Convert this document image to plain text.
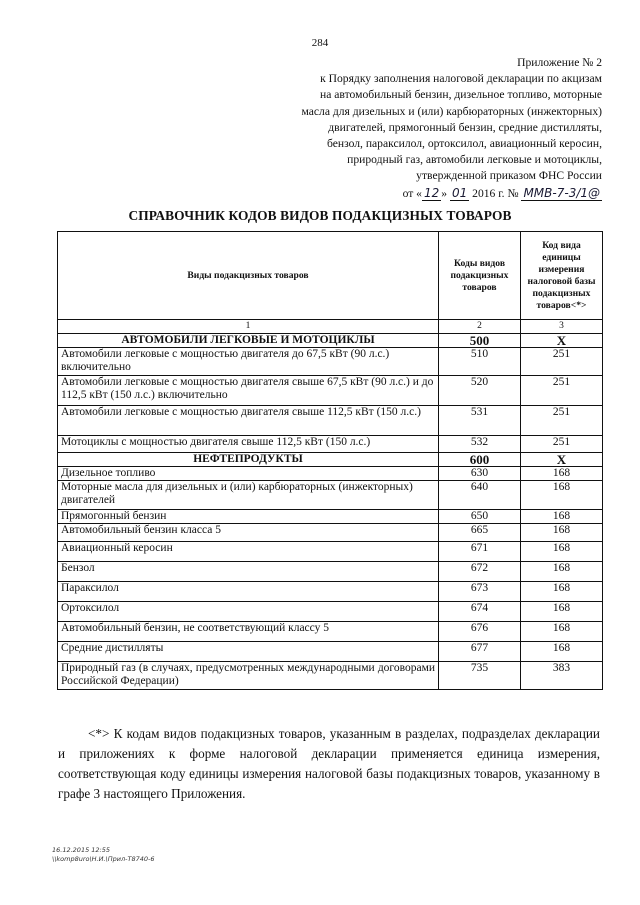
284
Приложение № 2
к Порядку заполнения налоговой декларации по акцизам
на автомобильный бензин, дизельное топливо, моторные
масла для дизельных и (или) карбюраторных (инжекторных)
двигателей, прямогонный бензин, средние дистилляты,
бензол, параксилол, ортоксилол, авиационный керосин,
природный газ, автомобили легковые и мотоциклы,
утвержденной приказом ФНС России
от « 12 » 01 2016 г. № ММВ-7-3/1@
СПРАВОЧНИК КОДОВ ВИДОВ ПОДАКЦИЗНЫХ ТОВАРОВ
Виды подакцизных товаров	Коды видов подакцизных товаров	Код вида единицы измерения налоговой базы подакцизных товаров<*>
1	2	3
АВТОМОБИЛИ ЛЕГКОВЫЕ И МОТОЦИКЛЫ	500	Х
Автомобили легковые с мощностью двигателя до 67,5 кВт (90 л.с.) включительно	510	251
Автомобили легковые с мощностью двигателя свыше 67,5 кВт (90 л.с.) и до 112,5 кВт (150 л.с.) включительно	520	251
Автомобили легковые с мощностью двигателя свыше 112,5 кВт (150 л.с.)	531	251
Мотоциклы с мощностью двигателя свыше 112,5 кВт (150 л.с.)	532	251
НЕФТЕПРОДУКТЫ	600	Х
Дизельное топливо	630	168
Моторные масла для дизельных и (или) карбюраторных (инжекторных) двигателей	640	168
Прямогонный бензин	650	168
Автомобильный бензин класса 5	665	168
Авиационный керосин	671	168
Бензол	672	168
Параксилол	673	168
Ортоксилол	674	168
Автомобильный бензин, не соответствующий классу 5	676	168
Средние дистилляты	677	168
Природный газ (в случаях, предусмотренных международными договорами Российской Федерации)	735	383
<*> К кодам видов подакцизных товаров, указанным в разделах, подразделах декларации и приложениях к форме налоговой декларации применяется единица измерения, соответствующая коду единицы измерения налоговой базы подакцизных товаров, указанному в графе 3 настоящего Приложения.
16.12.2015 12:55
\\komp8uro\Н.И.\Прил-Т8740-6
